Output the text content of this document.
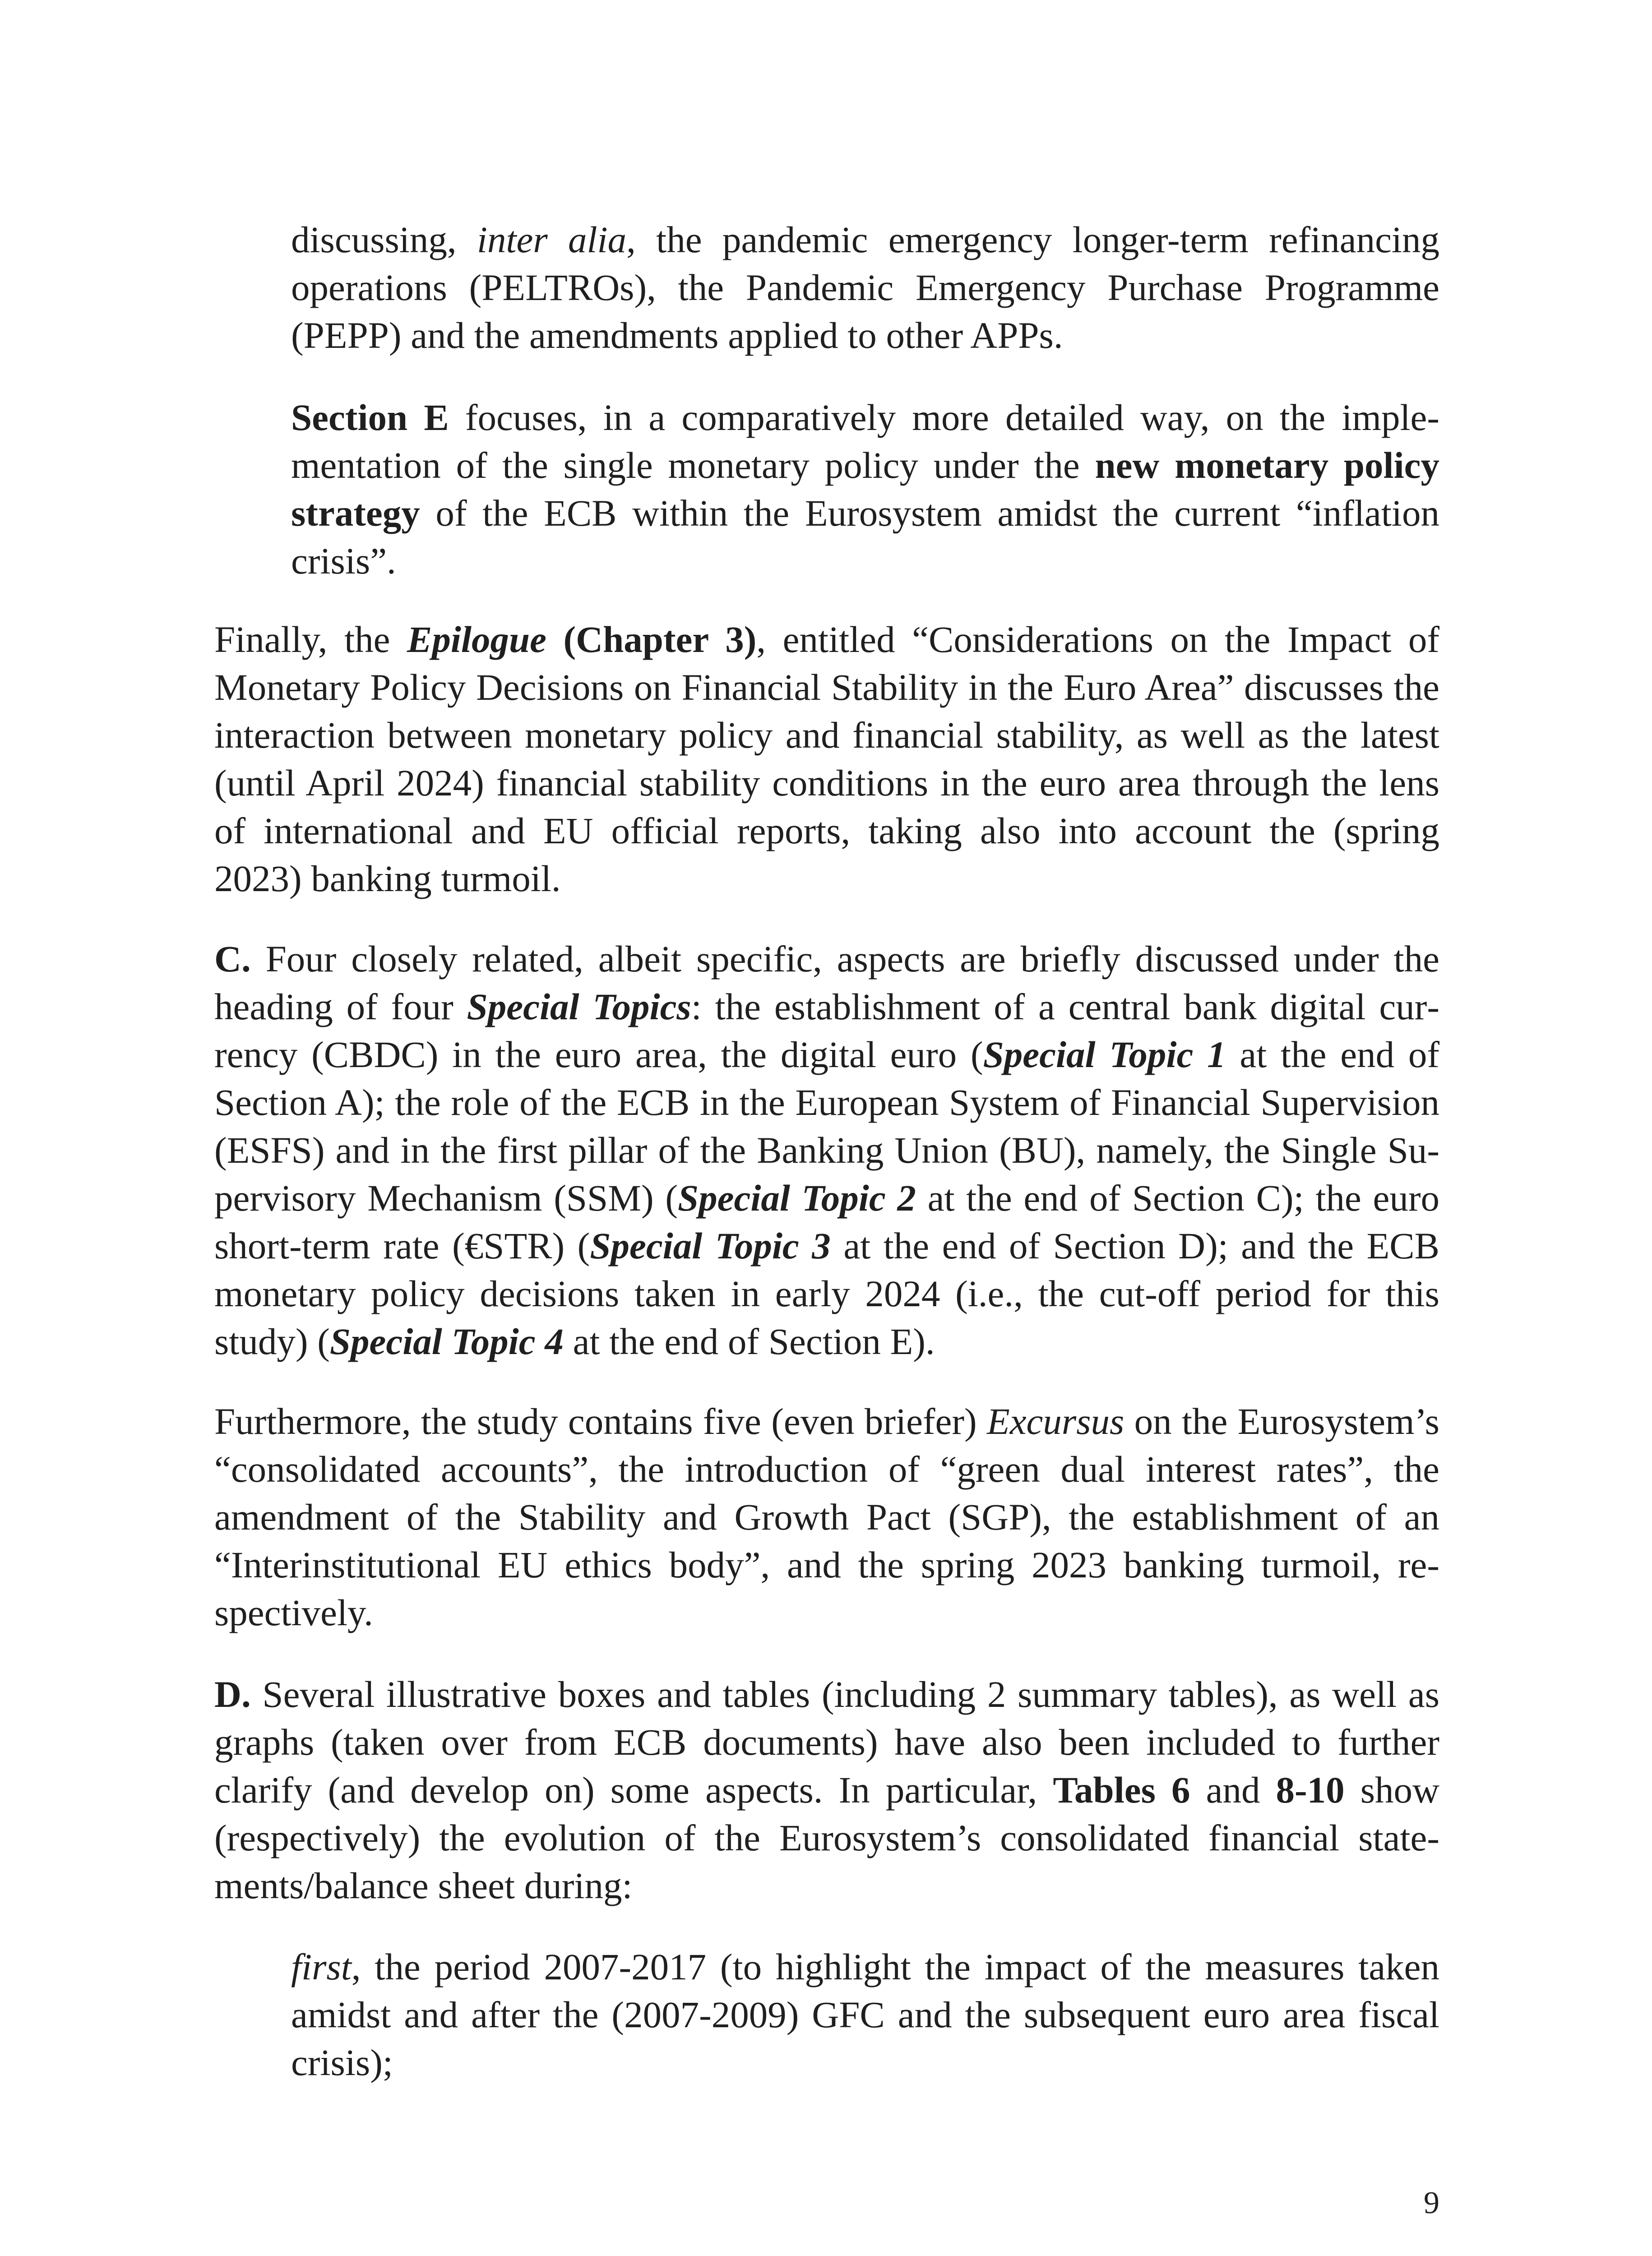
discussing, inter alia, the pandemic emergency longer-term refinancing operations (PELTROs), the Pandemic Emergency Purchase Programme (PEPP) and the amendments applied to other APPs.

Section E focuses, in a comparatively more detailed way, on the implementation of the single monetary policy under the new monetary policy strategy of the ECB within the Eurosystem amidst the current “inflation crisis”.

Finally, the Epilogue (Chapter 3), entitled “Considerations on the Impact of Monetary Policy Decisions on Financial Stability in the Euro Area” discusses the interaction between monetary policy and financial stability, as well as the latest (until April 2024) financial stability conditions in the euro area through the lens of international and EU official reports, taking also into account the (spring 2023) banking turmoil.

C. Four closely related, albeit specific, aspects are briefly discussed under the heading of four Special Topics: the establishment of a central bank digital currency (CBDC) in the euro area, the digital euro (Special Topic 1 at the end of Section A); the role of the ECB in the European System of Financial Supervision (ESFS) and in the first pillar of the Banking Union (BU), namely, the Single Supervisory Mechanism (SSM) (Special Topic 2 at the end of Section C); the euro short-term rate (€STR) (Special Topic 3 at the end of Section D); and the ECB monetary policy decisions taken in early 2024 (i.e., the cut-off period for this study) (Special Topic 4 at the end of Section E).

Furthermore, the study contains five (even briefer) Excursus on the Eurosystem’s “consolidated accounts”, the introduction of “green dual interest rates”, the amendment of the Stability and Growth Pact (SGP), the establishment of an “Interinstitutional EU ethics body”, and the spring 2023 banking turmoil, respectively.

D. Several illustrative boxes and tables (including 2 summary tables), as well as graphs (taken over from ECB documents) have also been included to further clarify (and develop on) some aspects. In particular, Tables 6 and 8-10 show (respectively) the evolution of the Eurosystem’s consolidated financial statements/balance sheet during:

first, the period 2007-2017 (to highlight the impact of the measures taken amidst and after the (2007-2009) GFC and the subsequent euro area fiscal crisis);

9
